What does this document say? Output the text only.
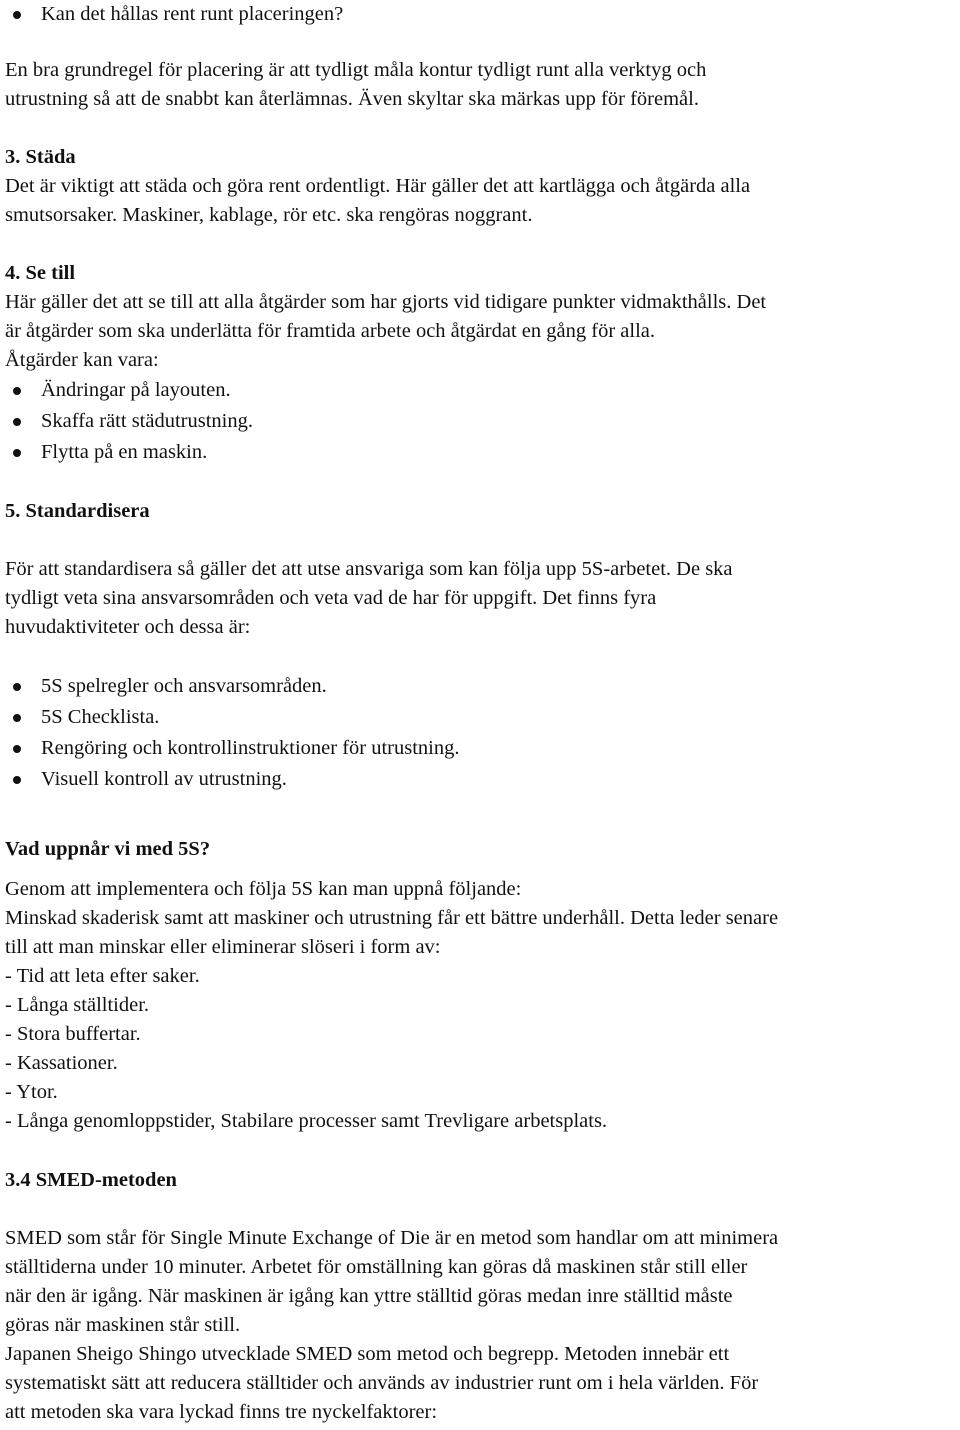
Kan det hållas rent runt placeringen?
En bra grundregel för placering är att tydligt måla kontur tydligt runt alla verktyg och
utrustning så att de snabbt kan återlämnas. Även skyltar ska märkas upp för föremål.
3. Städa
Det är viktigt att städa och göra rent ordentligt. Här gäller det att kartlägga och åtgärda alla
smutsorsaker. Maskiner, kablage, rör etc. ska rengöras noggrant.
4. Se till
Här gäller det att se till att alla åtgärder som har gjorts vid tidigare punkter vidmakthålls. Det
är åtgärder som ska underlätta för framtida arbete och åtgärdat en gång för alla.
Åtgärder kan vara:
Ändringar på layouten.
Skaffa rätt städutrustning.
Flytta på en maskin.
5. Standardisera
För att standardisera så gäller det att utse ansvariga som kan följa upp 5S-arbetet. De ska
tydligt veta sina ansvarsområden och veta vad de har för uppgift. Det finns fyra
huvudaktiviteter och dessa är:
5S spelregler och ansvarsområden.
5S Checklista.
Rengöring och kontrollinstruktioner för utrustning.
Visuell kontroll av utrustning.
Vad uppnår vi med 5S?
Genom att implementera och följa 5S kan man uppnå följande:
Minskad skaderisk samt att maskiner och utrustning får ett bättre underhåll. Detta leder senare
till att man minskar eller eliminerar slöseri i form av:
- Tid att leta efter saker.
- Långa ställtider.
- Stora buffertar.
- Kassationer.
- Ytor.
- Långa genomloppstider, Stabilare processer samt Trevligare arbetsplats.
3.4 SMED-metoden
SMED som står för Single Minute Exchange of Die är en metod som handlar om att minimera
ställtiderna under 10 minuter. Arbetet för omställning kan göras då maskinen står still eller
när den är igång. När maskinen är igång kan yttre ställtid göras medan inre ställtid måste
göras när maskinen står still.
Japanen Sheigo Shingo utvecklade SMED som metod och begrepp. Metoden innebär ett
systematiskt sätt att reducera ställtider och används av industrier runt om i hela världen. För
att metoden ska vara lyckad finns tre nyckelfaktorer:
